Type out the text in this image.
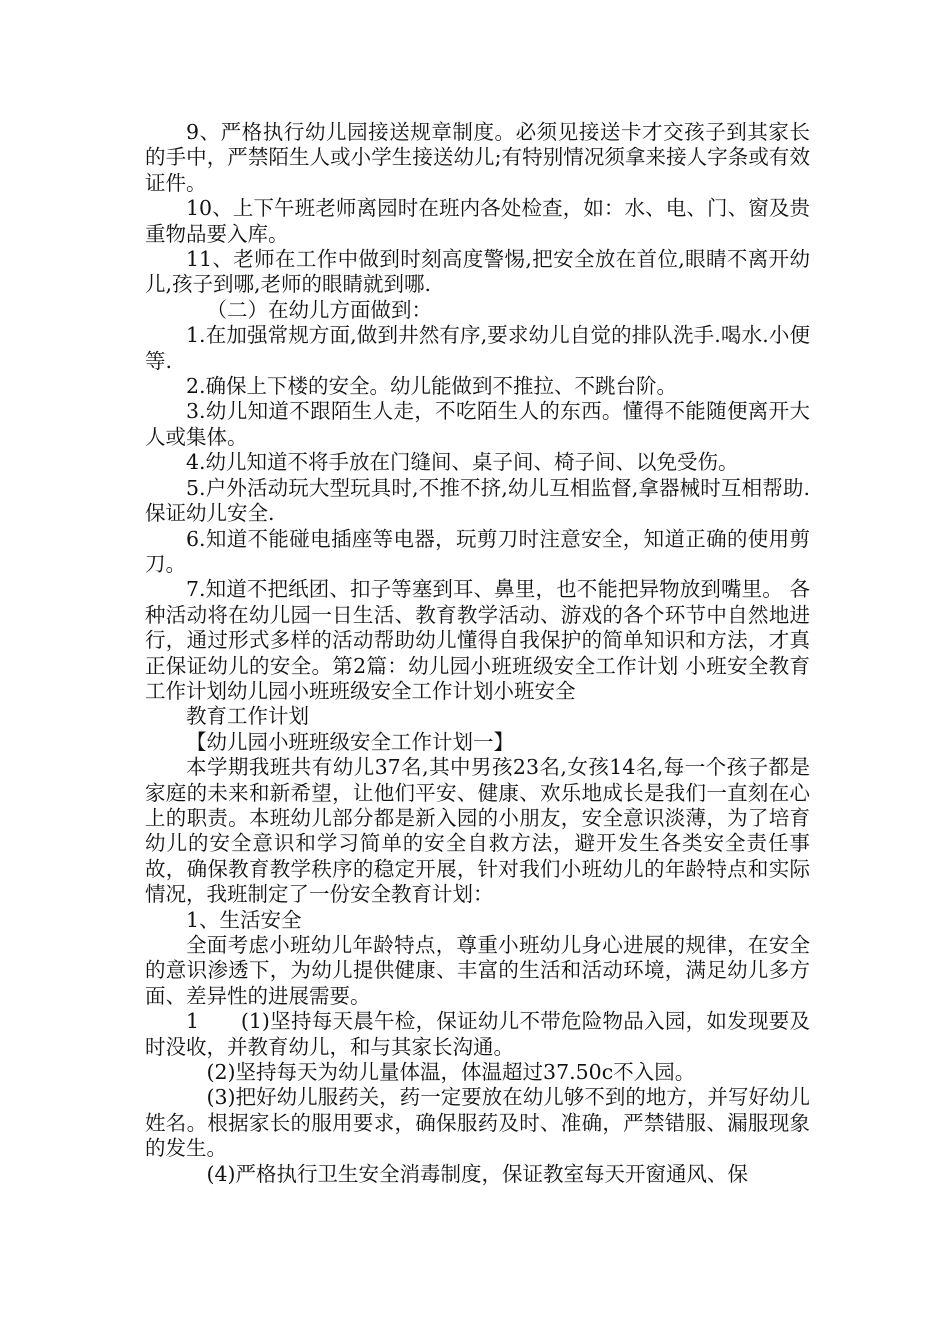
9、严格执行幼儿园接送规章制度。必须见接送卡才交孩子到其家长的手中，严禁陌生人或小学生接送幼儿;有特别情况须拿来接人字条或有效证件。

10、上下午班老师离园时在班内各处检查，如：水、电、门、窗及贵重物品要入库。

11、老师在工作中做到时刻高度警惕,把安全放在首位,眼睛不离开幼儿,孩子到哪,老师的眼睛就到哪.

（二）在幼儿方面做到：

1.在加强常规方面,做到井然有序,要求幼儿自觉的排队洗手.喝水.小便等.

2.确保上下楼的安全。幼儿能做到不推拉、不跳台阶。

3.幼儿知道不跟陌生人走，不吃陌生人的东西。懂得不能随便离开大人或集体。

4.幼儿知道不将手放在门缝间、桌子间、椅子间、以免受伤。

5.户外活动玩大型玩具时,不推不挤,幼儿互相监督,拿器械时互相帮助.保证幼儿安全.

6.知道不能碰电插座等电器，玩剪刀时注意安全，知道正确的使用剪刀。

7.知道不把纸团、扣子等塞到耳、鼻里，也不能把异物放到嘴里。 各种活动将在幼儿园一日生活、教育教学活动、游戏的各个环节中自然地进行，通过形式多样的活动帮助幼儿懂得自我保护的简单知识和方法，才真正保证幼儿的安全。第2篇：幼儿园小班班级安全工作计划 小班安全教育工作计划幼儿园小班班级安全工作计划小班安全

教育工作计划

【幼儿园小班班级安全工作计划一】

本学期我班共有幼儿37名,其中男孩23名,女孩14名,每一个孩子都是家庭的未来和新希望，让他们平安、健康、欢乐地成长是我们一直刻在心上的职责。本班幼儿部分都是新入园的小朋友，安全意识淡薄，为了培育幼儿的安全意识和学习简单的安全自救方法，避开发生各类安全责任事故，确保教育教学秩序的稳定开展，针对我们小班幼儿的年龄特点和实际情况，我班制定了一份安全教育计划：

1、生活安全

全面考虑小班幼儿年龄特点，尊重小班幼儿身心进展的规律，在安全的意识渗透下，为幼儿提供健康、丰富的生活和活动环境，满足幼儿多方面、差异性的进展需要。

1　　(1)坚持每天晨午检，保证幼儿不带危险物品入园，如发现要及时没收，并教育幼儿，和与其家长沟通。

(2)坚持每天为幼儿量体温，体温超过37.50c不入园。

(3)把好幼儿服药关，药一定要放在幼儿够不到的地方，并写好幼儿姓名。根据家长的服用要求，确保服药及时、准确，严禁错服、漏服现象的发生。

(4)严格执行卫生安全消毒制度，保证教室每天开窗通风、保
